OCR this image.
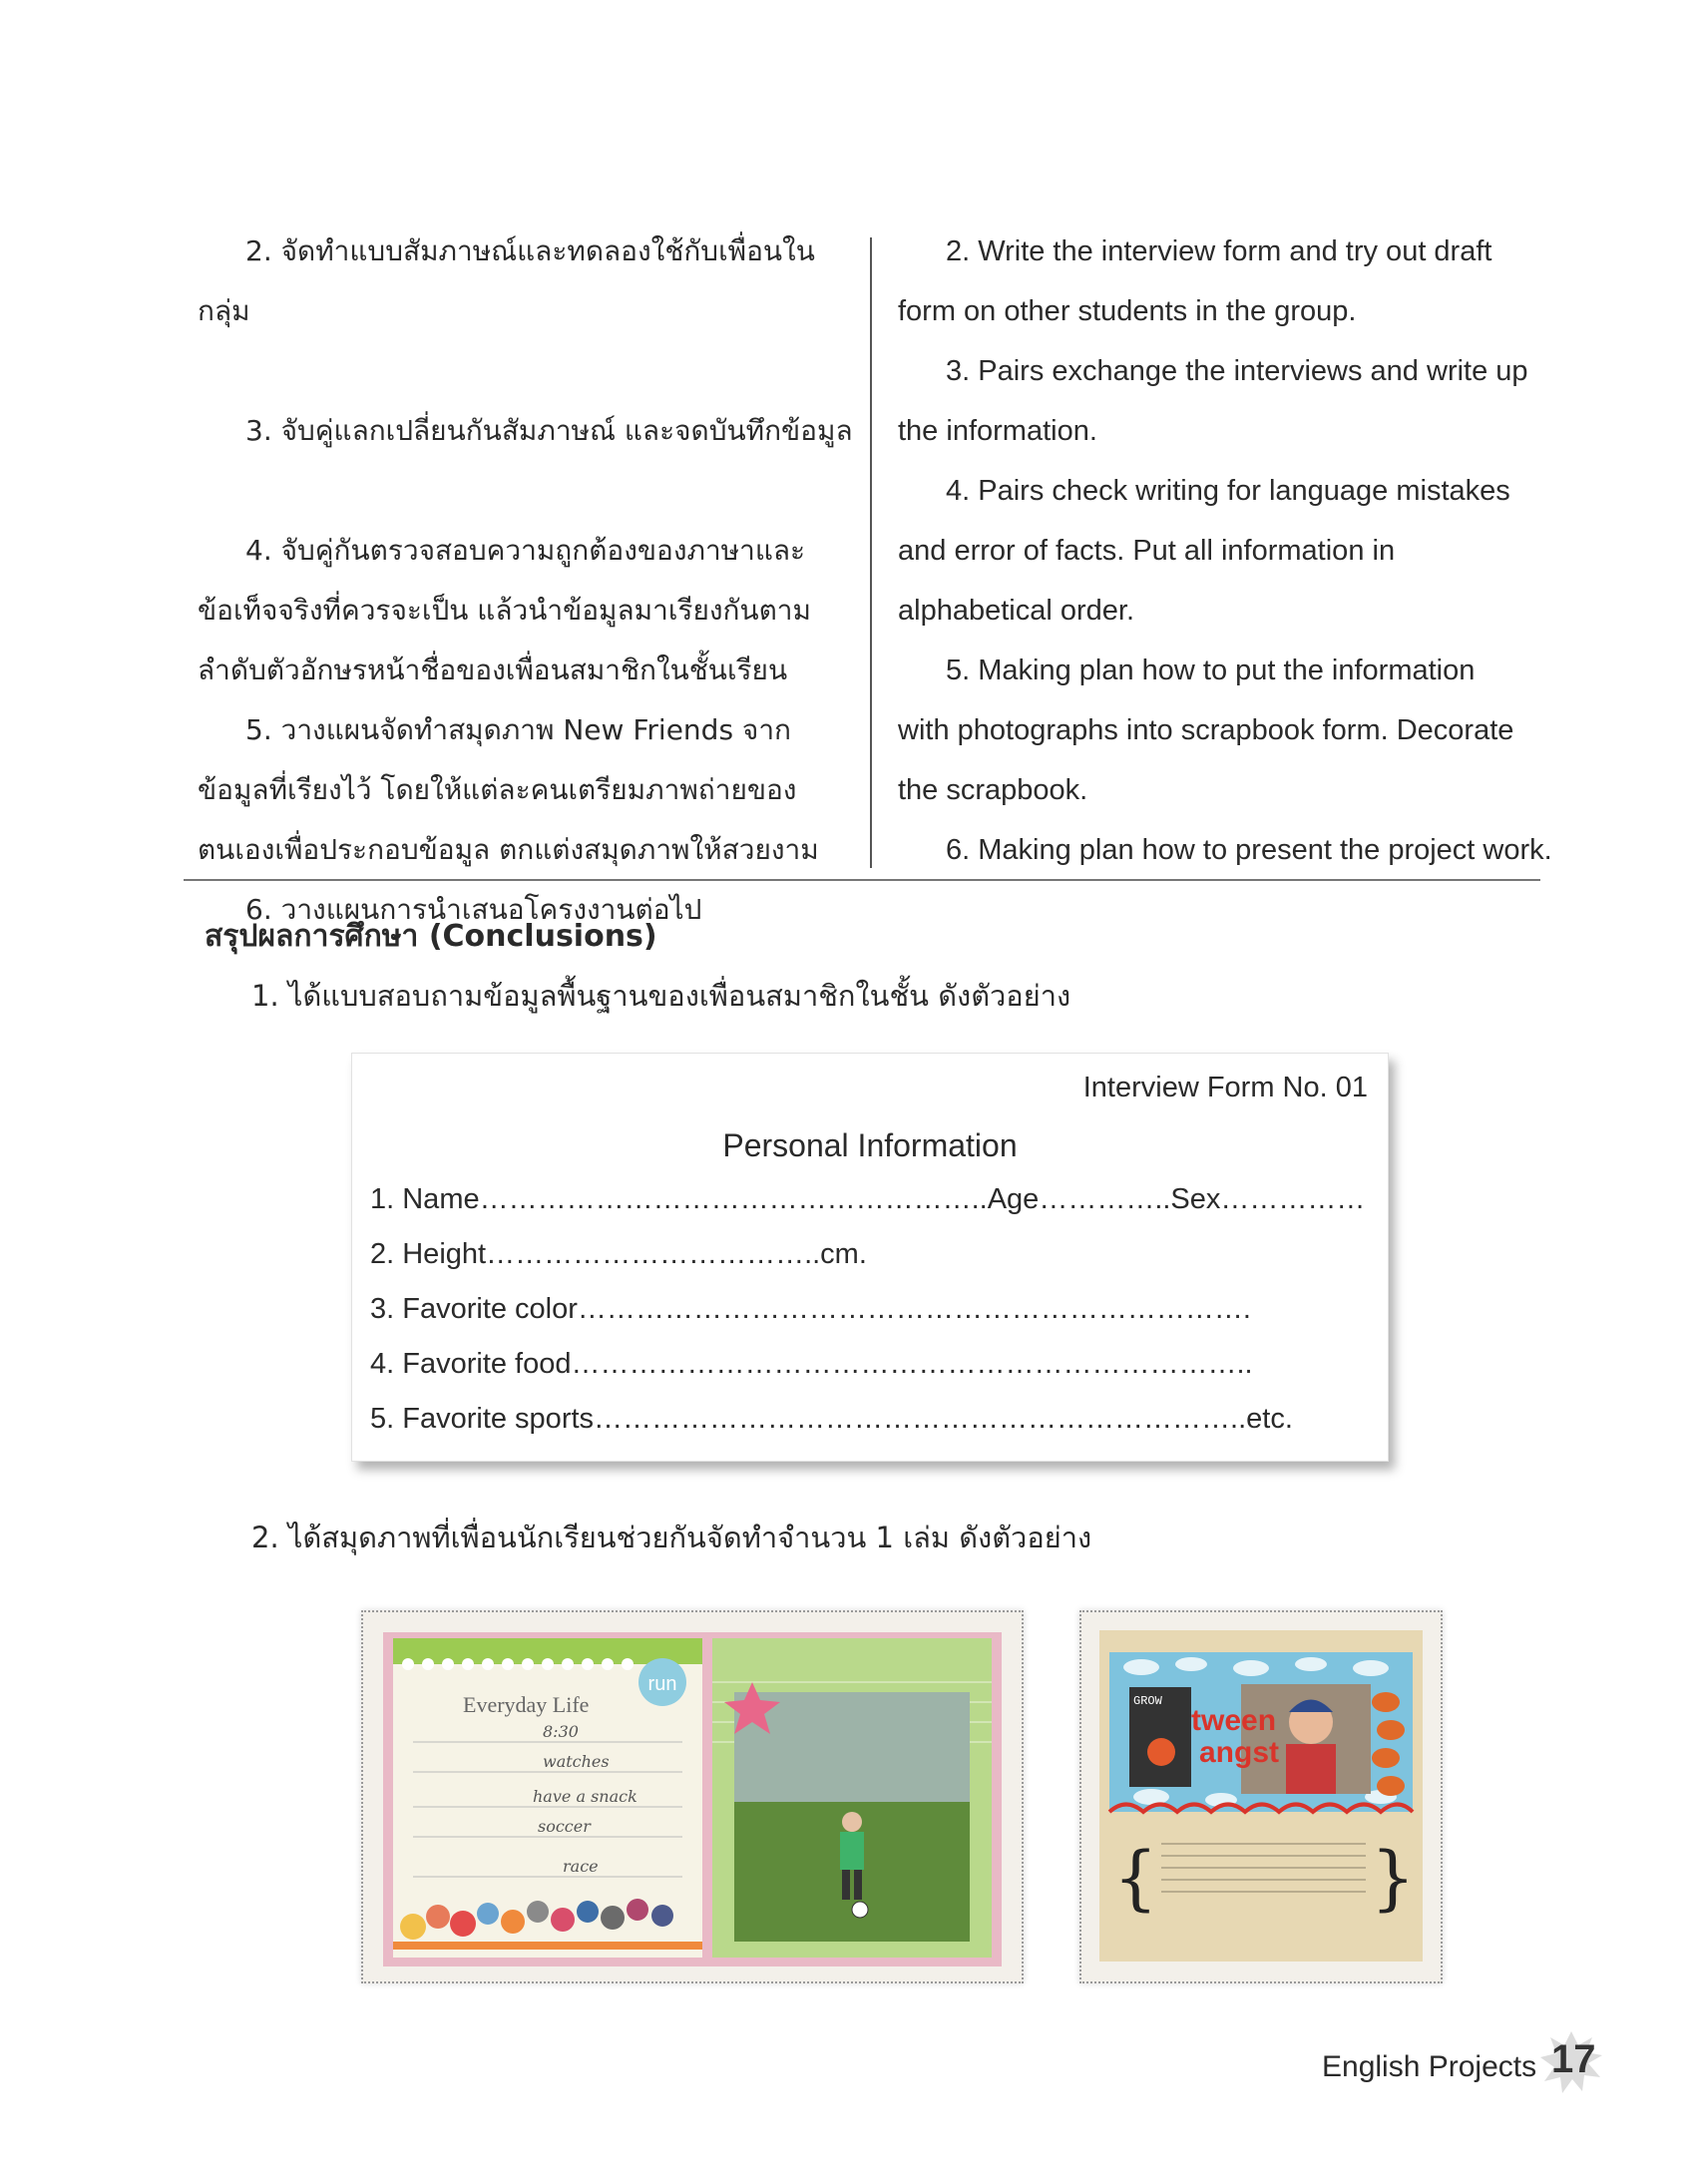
2. จัดทำแบบสัมภาษณ์และทดลองใช้กับเพื่อนในกลุ่ม

3. จับคู่แลกเปลี่ยนกันสัมภาษณ์ และจดบันทึกข้อมูล

4. จับคู่กันตรวจสอบความถูกต้องของภาษาและ

ข้อเท็จจริงที่ควรจะเป็น แล้วนำข้อมูลมาเรียงกันตาม

ลำดับตัวอักษรหน้าชื่อของเพื่อนสมาชิกในชั้นเรียน

5. วางแผนจัดทำสมุดภาพ New Friends จาก

ข้อมูลที่เรียงไว้ โดยให้แต่ละคนเตรียมภาพถ่ายของ

ตนเองเพื่อประกอบข้อมูล ตกแต่งสมุดภาพให้สวยงาม

6. วางแผนการนำเสนอโครงงานต่อไป

2. Write the interview form and try out draft

form on other students in the group.

3. Pairs exchange the interviews and write up

the information.

4. Pairs check writing for language mistakes

and error of facts. Put all information in

alphabetical order.

5. Making plan how to put the information

with photographs into scrapbook form. Decorate

the scrapbook.

6. Making plan how to present the project work.

สรุปผลการศึกษา (Conclusions)
1. ได้แบบสอบถามข้อมูลพื้นฐานของเพื่อนสมาชิกในชั้น ดังตัวอย่าง
Interview Form No. 01
Personal Information
1. Name……………………………………………..Age…………..Sex……………
2. Height……………………………..cm.
3. Favorite color…………………………………………………………….
4. Favorite food……………………………………………………………..
5. Favorite sports…………………………………………………………..etc.
2. ได้สมุดภาพที่เพื่อนนักเรียนช่วยกันจัดทำจำนวน 1 เล่ม ดังตัวอย่าง
run
Everyday Life
8:30
watches
have a snack
soccer
race
GROW
tween
angst
{	}
English Projects 17
